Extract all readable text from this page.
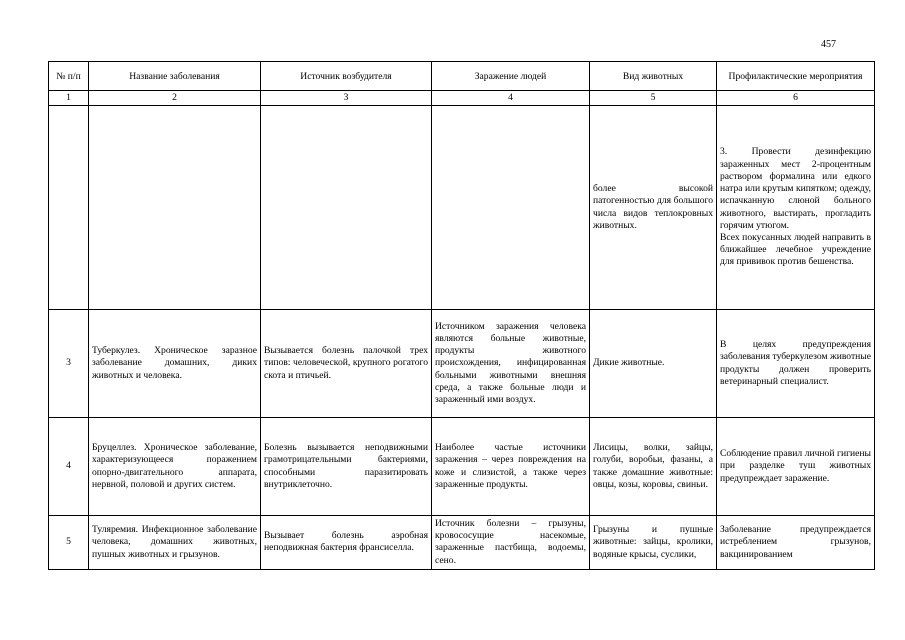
457
№ п/п	Название заболевания	Источник возбудителя	Заражение людей	Вид животных	Профилактические мероприятия
1	2	3	4	5	6
				более высокой патогенностью для большого числа видов теплокровных животных.	3. Провести дезинфекцию зараженных мест 2-процентным раствором формалина или едкого натра или крутым кипятком; одежду, испачканную слюной больного животного, выстирать, прогладить горячим утюгом.
Всех покусанных людей направить в ближайшее лечебное учреждение для прививок против бешенства.

3	Туберкулез. Хроническое заразное заболевание домашних, диких животных и человека.	Вызывается болезнь палочкой трех типов: человеческой, крупного рогатого скота и птичьей.	Источником заражения человека являются больные животные, продукты животного происхождения, инфицированная больными животными внешняя среда, а также больные люди и зараженный ими воздух.	Дикие животные.	В целях предупреждения заболевания туберкулезом животные продукты должен проверить ветеринарный специалист.
4	Бруцеллез. Хроническое заболевание, характеризующееся поражением опорно-двигательного аппарата, нервной, половой и других систем.	Болезнь вызывается неподвижными грамотрицательными бактериями, способными паразитировать внутриклеточно.	Наиболее частые источники заражения – через повреждения на коже и слизистой, а также через зараженные продукты.	Лисицы, волки, зайцы, голуби, воробьи, фазаны, а также домашние животные: овцы, козы, коровы, свиньи.	Соблюдение правил личной гигиены при разделке туш животных предупреждает заражение.
5	Туляремия. Инфекционное заболевание человека, домашних животных, пушных животных и грызунов.	Вызывает болезнь аэробная неподвижная бактерия франсиселла.	Источник болезни – грызуны, кровососущие насекомые, зараженные пастбища, водоемы, сено.	Грызуны и пушные животные: зайцы, кролики, водяные крысы, суслики,	Заболевание предупреждается истреблением грызунов, вакцинированием
